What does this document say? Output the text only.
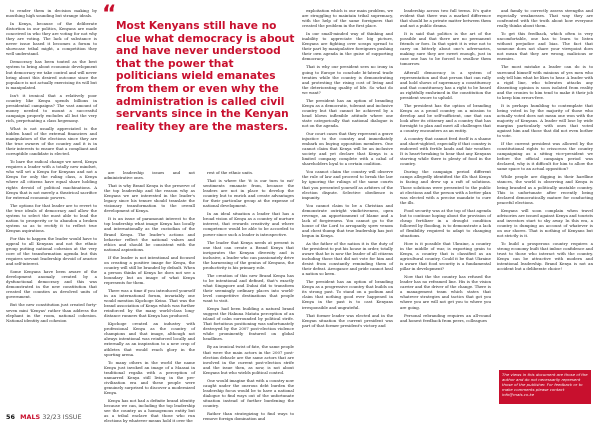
“ Most Kenyans still have no clue what democracy is about and have never understood that the power that politicians wield emanates from them or even why the administration is called civil servants since in the Kenyan reality they are the masters.

to render them in decision making by mouthing high sounding but strange ideals.

In Kenya, because of the deliberate distortion in our politics, Kenyans are made conceived in who they are voting for not why they are voting. The lack of substance is never issue based it becomes a forum to showcase tribal might, a competition they well understand.

Democracy has been touted as the best system to bring about economic development but democracy we take control and will never bring about this desired outcome since the populace is not actually exercising its will but is manipulated.

Isn't it ironical that a relatively poor country like Kenya spends billions in presidential campaigns? The vast amount of money needed to mount a successful campaign properly excludes all but the very rich, perpetuating a class hegemony.

What is not usually appreciated is the hidden hand of the external financiers and manipulators of the elections since they are the true owners of the country and it is in their interests to ensure that a compliant and corruptible candidate is elected.

To bare the radical change we need, Kenya requires a leader with a totally new mindset, who will set a Kenya for Kenyans and not a Kenya for only the ruling class, a Kenya where all citizens have equal share holding rights devoid of political machinations. A Kenya that is not merely a theatrical sacrifice for external economic powers.

The options for that leader are to revert to the true ideals of democracy and allow the system to select the most able to lead the nation to prosperity or to abandon a broken system so as to rectify it to reflect true Kenyan aspirations.

For this to happen the leader would have to appeal to all Kenyans and not the ethnic group putting national cohesion at the very core of the transformation agenda but this requires servant leadership devoid of avarice and self-interest.

Some Kenyans have been aware of the development anomaly created by a dysfunctional democracy and this was demonstrated in the new constitution that created the counties as devolved units of government.

But the new constitution just created forty-seven mini 'Kenyas' rather than address the elephant in the room, national cohesion. National identity and cohesion

are leadership issues and not administrative ones.

That is why Brand Kenya is the preserve of the top leadership and the reason why as Kenyans we are interested in the leader's legacy since his tenure should translate the visionary transformation to the overall development of Kenya.

It is an issue of paramount interest to the top leadership what image Kenya has locally and internationally as the custodian of the Brand Kenya. The leader's actions and behavior reflect the national values and ethics and should be consistent with the national aspirations.

If the leader is not intentional and focused on creating a positive image for Kenya, the country will still be branded by default. When a person thinks of Kenya he does not see a boundary but an image of what Kenya represents for them.

There was a time if you introduced yourself in an international forum, invariably one would mention Kipchoge Keino. That was the brand association of Kenya which was further reinforced by the many world-class long-distance runners that Kenya has produced.

Kipchoge created an industry with professional Kenya as the country of champions and that image, although not always intentional was reinforced locally and externally as an inspiration to a new crop of athletes that would reach glory in the sporting arena.

To many others in the world the name Kenya just invoked an image of a Maasai in traditional regalia with a perception of unmarred Kenya still living in the pre-civilization era and these people were genuinely surprised to discover a modernized Kenya.

Kenya has not had a definite brand identity because we can, including the top leadership see the country as a homogenous entity but as a tribal enclave that those who run elections by whatever means hold it over the

rest of the ethnic units.

That is where the 'it is our turn to eat' sentiments emanate from, because the leaders are not in place to develop the country but to enrich and create advantages for their particular group at the expense of national development.

In an ideal situation a leader that has a broad vision of Kenya as a country of nurture interest, that rewards creativity and where competence would be able to be accorded to power since such a leader is introspective.

The leader that Kenya needs at present is one that can create a Brand Kenya that invigorates the Kenyan diversity and is inclusive, a leader who can passionately drive the harnessing of the genius of Kenyans, the productivity is his primary role.

The creation of this new Brand Kenya has to be intentional and defined, that's exactly what Singapore and Dubai did to transform their seemingly ordinary places into world-level competitive destinations that people want to visit.

Kenya had been building a natural brand suggest the Hakuna Matata perception of an island of calm surrounded by political strife. That fortuitous positioning was unfortunately destroyed by the 2007 post-election violence while prominently featured on global headlines.

By an ironical twist of fate, the same people that were the main actors in the 2007 post-election debacle are the same actors that are involved in the current post-election strife and the issue then, as now, is not about Kenyans but who wields political control.

One would imagine that with a country now caught under the onerous debt burden the leadership focus would be to have a national dialogue to find ways out of the unfortunate situation instead of further burdening the country.

Rather than strategizing to find ways to remove foreign domination and

exploitation which is our main problem, we are struggling to maintain tribal supremacy, with the help of the same foreigners that created the problem in the first place.

In our small-minded way of thinking and inability to appreciate the big picture, Kenyans are fighting over scraps spread to their part by manipulative foreigners pushing their own agenda in the guise of supporting democracy.

That is why our president sees no irony in going to Europe to conclude bi-lateral trade treaties while the country is demonstrating and protesting the rising cost of living and the deteriorating quality of life. So what do we want?

The president has an option of branding Kenya as a democratic, tolerant and inclusive country but that cannot be achieved by a head blown inflexible attitude where one state categorically that national dialogue is not on the agenda.

Our court cases that they represent a grave injustice to the country and immediately embark on buying opposition members. One cannot claim that Kenya will be an inclusive society and yet declare that Kenya is a limited company complete with a cabal of shareholders loyal to a certain coalition.

You cannot claim the country will observe the rule of law and proceed to break the law by ignoring the rulings of the same courts that you presented yourself as arbiters of the election dispute. Selective obedience is impunity.

You cannot claim to be a Christian and demonstrate outright vindictiveness, open revenge, an apportionment of blame and a lack of forgiveness. You cannot go to the house of the Lord to arrogantly spew venom and chest thump that true leadership has just begun in Kenya.

As the father of the nation it is the duty of the president to put his house in order, totally aware that he is now the leader of all citizens including those that did not vote for him and desist from constantly reminding them of their defeat. Arrogance and pride cannot heal a nation so keen.

The president has an option of branding Kenya as a progressive country that builds on its strong past. To stand on a podium and claim that nothing good ever happened in Kenya in the past is to cast Kenyans irresponsible and ungrateful.

That former leader was elected and in the Kenyan situation the current president was part of that former president's victory and

leadership across two full terms. It's quite evident that there was a marked difference that should be a private matter between them and not a public drama.

It is said that politics is the art of the possible and that there are no permanent friends or foes. In that spirit it is wise not to carry on bitterly about one's adversaries, making sure they are sweet enough, just in case one has to be forced to swallow them tomorrow.

Afterall democracy is a system of representation and that person that can rally and hold shows of supremacy a constituency and that constituency has a right to be heard as rightfully enshrined in the constitution the president swore to uphold.

The president has the option of branding Kenya as a proud country on a mission to develop and be self-sufficient, one that can look after its citizenry and a country that has foresight to plan and meet all challenges that a country encounters as an entity.

A country that cannot feed itself is a shame and short-sighted, especially if that country is endowed with fertile lands and fair weather. It is heart-breaking to hear that any Kenyans starving while there is plenty of food in the country.

During the campaign period different camps allegedly identified the ills that Kenya is facing and drew up a raft of solutions. Those solutions were presented to the public at elections and the person with a better plan was elected with a precise mandate to cure the ills.

Food security was at the top of that agenda but to continue hoping about the provision of cheap fertilizer in a drought condition followed by flooding, is to demonstrate a lack of flexibility required to adapt to changing situations.

How is it possible that Ukraine, a country in the middle of war, is exporting grain to Kenya, a country that is classified as an agricultural country. Could it be that Ukraine is aware that food security is a fundamental pillar in development?

Now that the the country has refused the leader has no reframed line. His is the vision carrier and the driver of the change. There is a management team which states that whatever strategies and tactics that got you where you are will not get you to where you are going.

Personal rebranding requires an all-round and honest feedback from peers, colleagues

and family to correctly assess strengths and especially weaknesses. That way they are confronted with the truth about how everyone really thinks about them.

To get this feedback, which often is very uncomfortable, one has to learn to listen without prejudice and bias. The fact that someone does not share your viewpoint does not mean that they are wrong, malicious or enemies.

The most mistake a leader can do is to surround himself with minions of yes men who only tell him what he likes to hear. A leader with a rigid line, who tolerates attacks any dissenting opinion is soon isolated from reality and the cronies to him tend to make it their job to keep him errors-free.

It is perhaps humbling to contemplate that being voted in by the majority of those who actually voted does not mean one won with the majority of Kenyans. A leader will lose by wide margins particularly with ones that voted against him and those that did not even bother to vote.

If the current president was allowed by the constitutional rights to crisscross the country campaigning as a sitting vice-president we before the official campaign period was declared, why is it difficult for him to allow the same space to an actual opposition?

While people are digging in their hardline stances, the world is observing and Kenya is being branded as a politically unstable country. This is unfortunate after recently being declared democratically mature for conducting peaceful elections.

Kenyans will soon complain when travel advisories are issued against Kenya and tourists and investors start to shy away. In this era, a country is dumping an account of whatever is on our shores. That is nothing of Kenyans but not strictly is it.

To build a prosperous country requires a strong economy built that imbue confidence and trust to those who interact with the country. Kenya can be attractive with modern and intentional leadership. Brand Kenya is not an accident but a deliberate choice!

The views in this document are those of the author and do not necessarily represent those of the publisher. For feedback or to make comments please contact info@mals.co.ke
56 MALS 32/23 ISSUE
